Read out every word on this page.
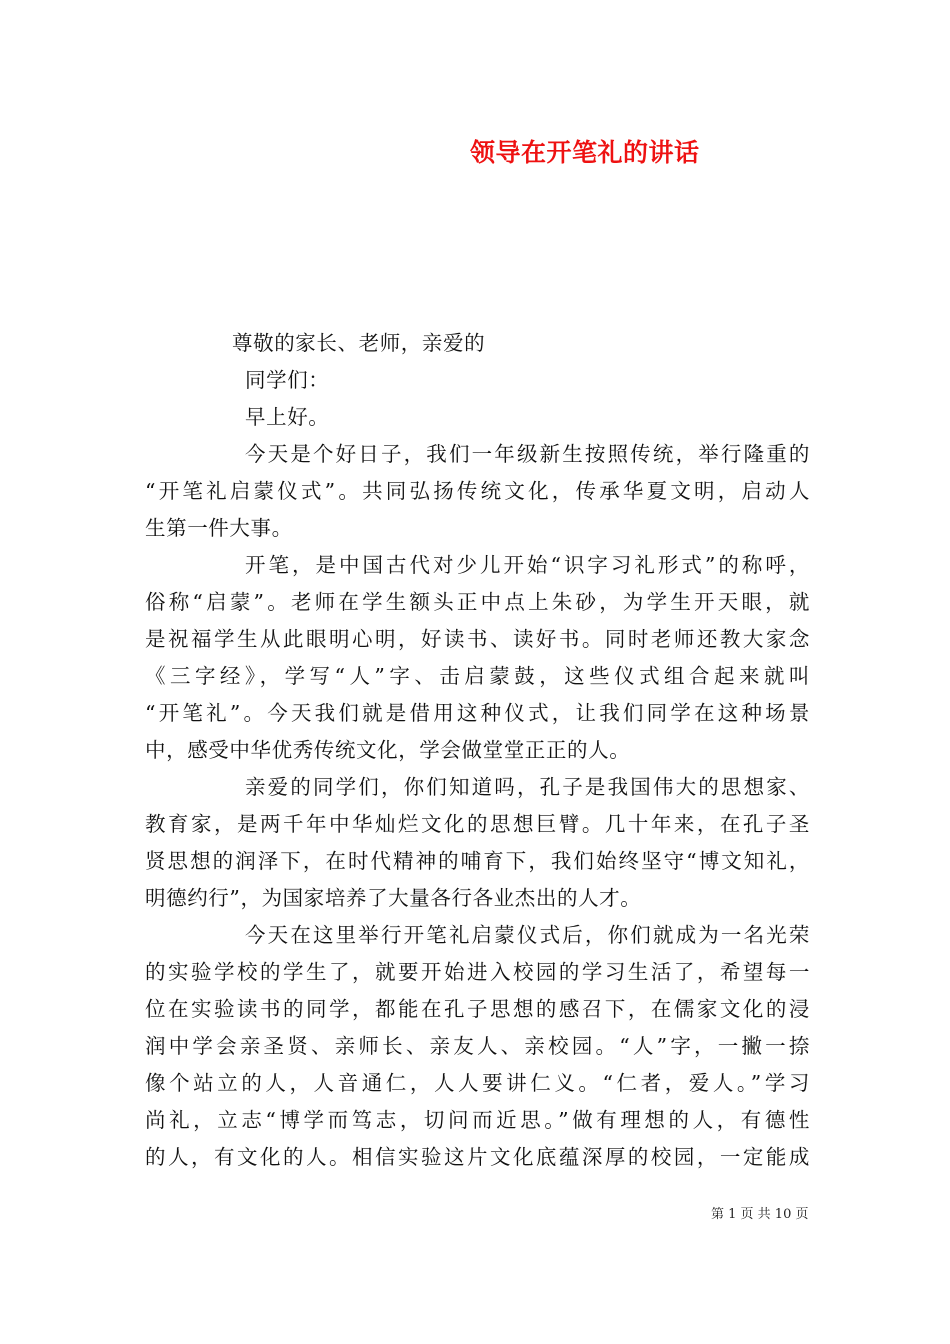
领导在开笔礼的讲话
尊敬的家长、老师，亲爱的
同学们：
早上好。
今天是个好日子，我们一年级新生按照传统，举行隆重的
“开笔礼启蒙仪式”。共同弘扬传统文化，传承华夏文明，启动人
生第一件大事。
开笔，是中国古代对少儿开始“识字习礼形式”的称呼，
俗称“启蒙”。老师在学生额头正中点上朱砂，为学生开天眼，就
是祝福学生从此眼明心明，好读书、读好书。同时老师还教大家念
《三字经》，学写“人”字、击启蒙鼓，这些仪式组合起来就叫
“开笔礼”。今天我们就是借用这种仪式，让我们同学在这种场景
中，感受中华优秀传统文化，学会做堂堂正正的人。
亲爱的同学们，你们知道吗，孔子是我国伟大的思想家、
教育家，是两千年中华灿烂文化的思想巨臂。几十年来，在孔子圣
贤思想的润泽下，在时代精神的哺育下，我们始终坚守“博文知礼，
明德约行”，为国家培养了大量各行各业杰出的人才。
今天在这里举行开笔礼启蒙仪式后，你们就成为一名光荣
的实验学校的学生了，就要开始进入校园的学习生活了，希望每一
位在实验读书的同学，都能在孔子思想的感召下，在儒家文化的浸
润中学会亲圣贤、亲师长、亲友人、亲校园。“人”字，一撇一捺
像个站立的人，人音通仁，人人要讲仁义。“仁者，爱人。”学习
尚礼，立志“博学而笃志，切问而近思。”做有理想的人，有德性
的人，有文化的人。相信实验这片文化底蕴深厚的校园，一定能成
第 1 页 共 10 页
